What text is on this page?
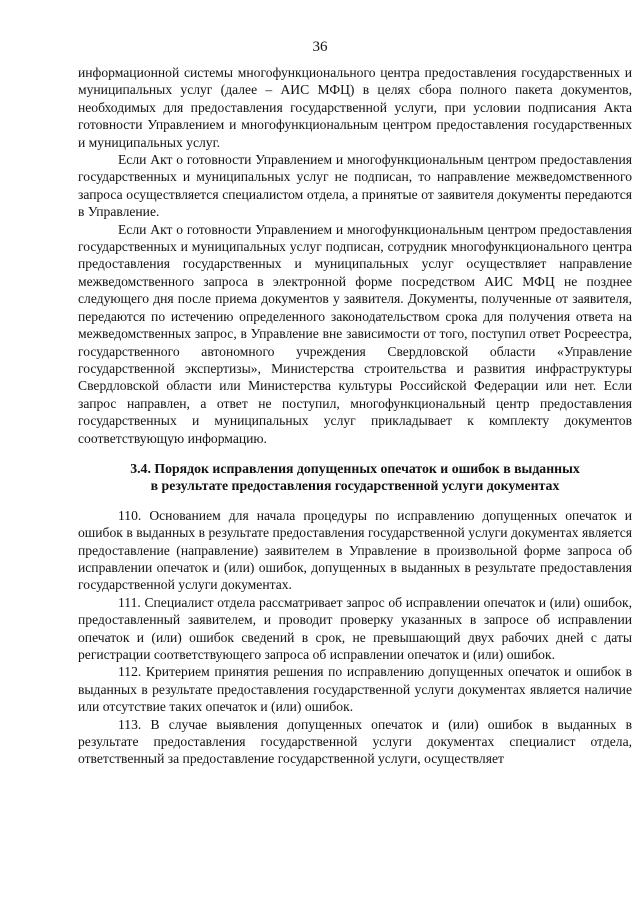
36

информационной системы многофункционального центра предоставления государственных и муниципальных услуг (далее – АИС МФЦ) в целях сбора полного пакета документов, необходимых для предоставления государственной услуги, при условии подписания Акта готовности Управлением и многофункциональным центром предоставления государственных и муниципальных услуг.

Если Акт о готовности Управлением и многофункциональным центром предоставления государственных и муниципальных услуг не подписан, то направление межведомственного запроса осуществляется специалистом отдела, а принятые от заявителя документы передаются в Управление.

Если Акт о готовности Управлением и многофункциональным центром предоставления государственных и муниципальных услуг подписан, сотрудник многофункционального центра предоставления государственных и муниципальных услуг осуществляет направление межведомственного запроса в электронной форме посредством АИС МФЦ не позднее следующего дня после приема документов у заявителя. Документы, полученные от заявителя, передаются по истечению определенного законодательством срока для получения ответа на межведомственных запрос, в Управление вне зависимости от того, поступил ответ Росреестра, государственного автономного учреждения Свердловской области «Управление государственной экспертизы», Министерства строительства и развития инфраструктуры Свердловской области или Министерства культуры Российской Федерации или нет. Если запрос направлен, а ответ не поступил, многофункциональный центр предоставления государственных и муниципальных услуг прикладывает к комплекту документов соответствующую информацию.

3.4. Порядок исправления допущенных опечаток и ошибок в выданных
в результате предоставления государственной услуги документах

110. Основанием для начала процедуры по исправлению допущенных опечаток и ошибок в выданных в результате предоставления государственной услуги документах является предоставление (направление) заявителем в Управление в произвольной форме запроса об исправлении опечаток и (или) ошибок, допущенных в выданных в результате предоставления государственной услуги документах.

111. Специалист отдела рассматривает запрос об исправлении опечаток и (или) ошибок, предоставленный заявителем, и проводит проверку указанных в запросе об исправлении опечаток и (или) ошибок сведений в срок, не превышающий двух рабочих дней с даты регистрации соответствующего запроса об исправлении опечаток и (или) ошибок.

112. Критерием принятия решения по исправлению допущенных опечаток и ошибок в выданных в результате предоставления государственной услуги документах является наличие или отсутствие таких опечаток и (или) ошибок.

113. В случае выявления допущенных опечаток и (или) ошибок в выданных в результате предоставления государственной услуги документах специалист отдела, ответственный за предоставление государственной услуги, осуществляет
